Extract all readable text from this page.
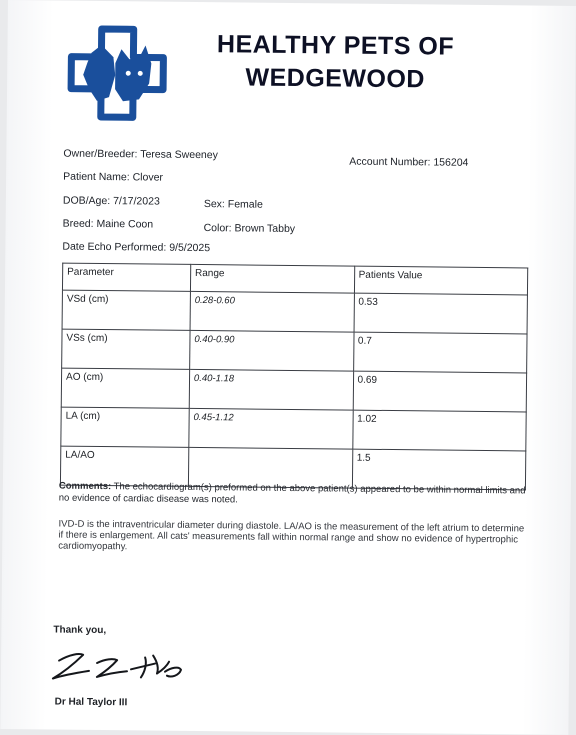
HEALTHY PETS OF
WEDGEWOOD
Owner/Breeder: Teresa Sweeney
Account Number: 156204
Patient Name: Clover
DOB/Age: 7/17/2023	Sex: Female
Breed: Maine Coon	Color: Brown Tabby
Date Echo Performed: 9/5/2025
Parameter	Range	Patients Value
VSd (cm)	0.28-0.60	0.53
VSs (cm)	0.40-0.90	0.7
AO (cm)	0.40-1.18	0.69
LA (cm)	0.45-1.12	1.02
LA/AO		1.5
Comments: The echocardiogram(s) preformed on the above patient(s) appeared to be within normal limits and no evidence of cardiac disease was noted.
IVD-D is the intraventricular diameter during diastole. LA/AO is the measurement of the left atrium to determine if there is enlargement. All cats' measurements fall within normal range and show no evidence of hypertrophic cardiomyopathy.
Thank you,
Dr Hal Taylor III
